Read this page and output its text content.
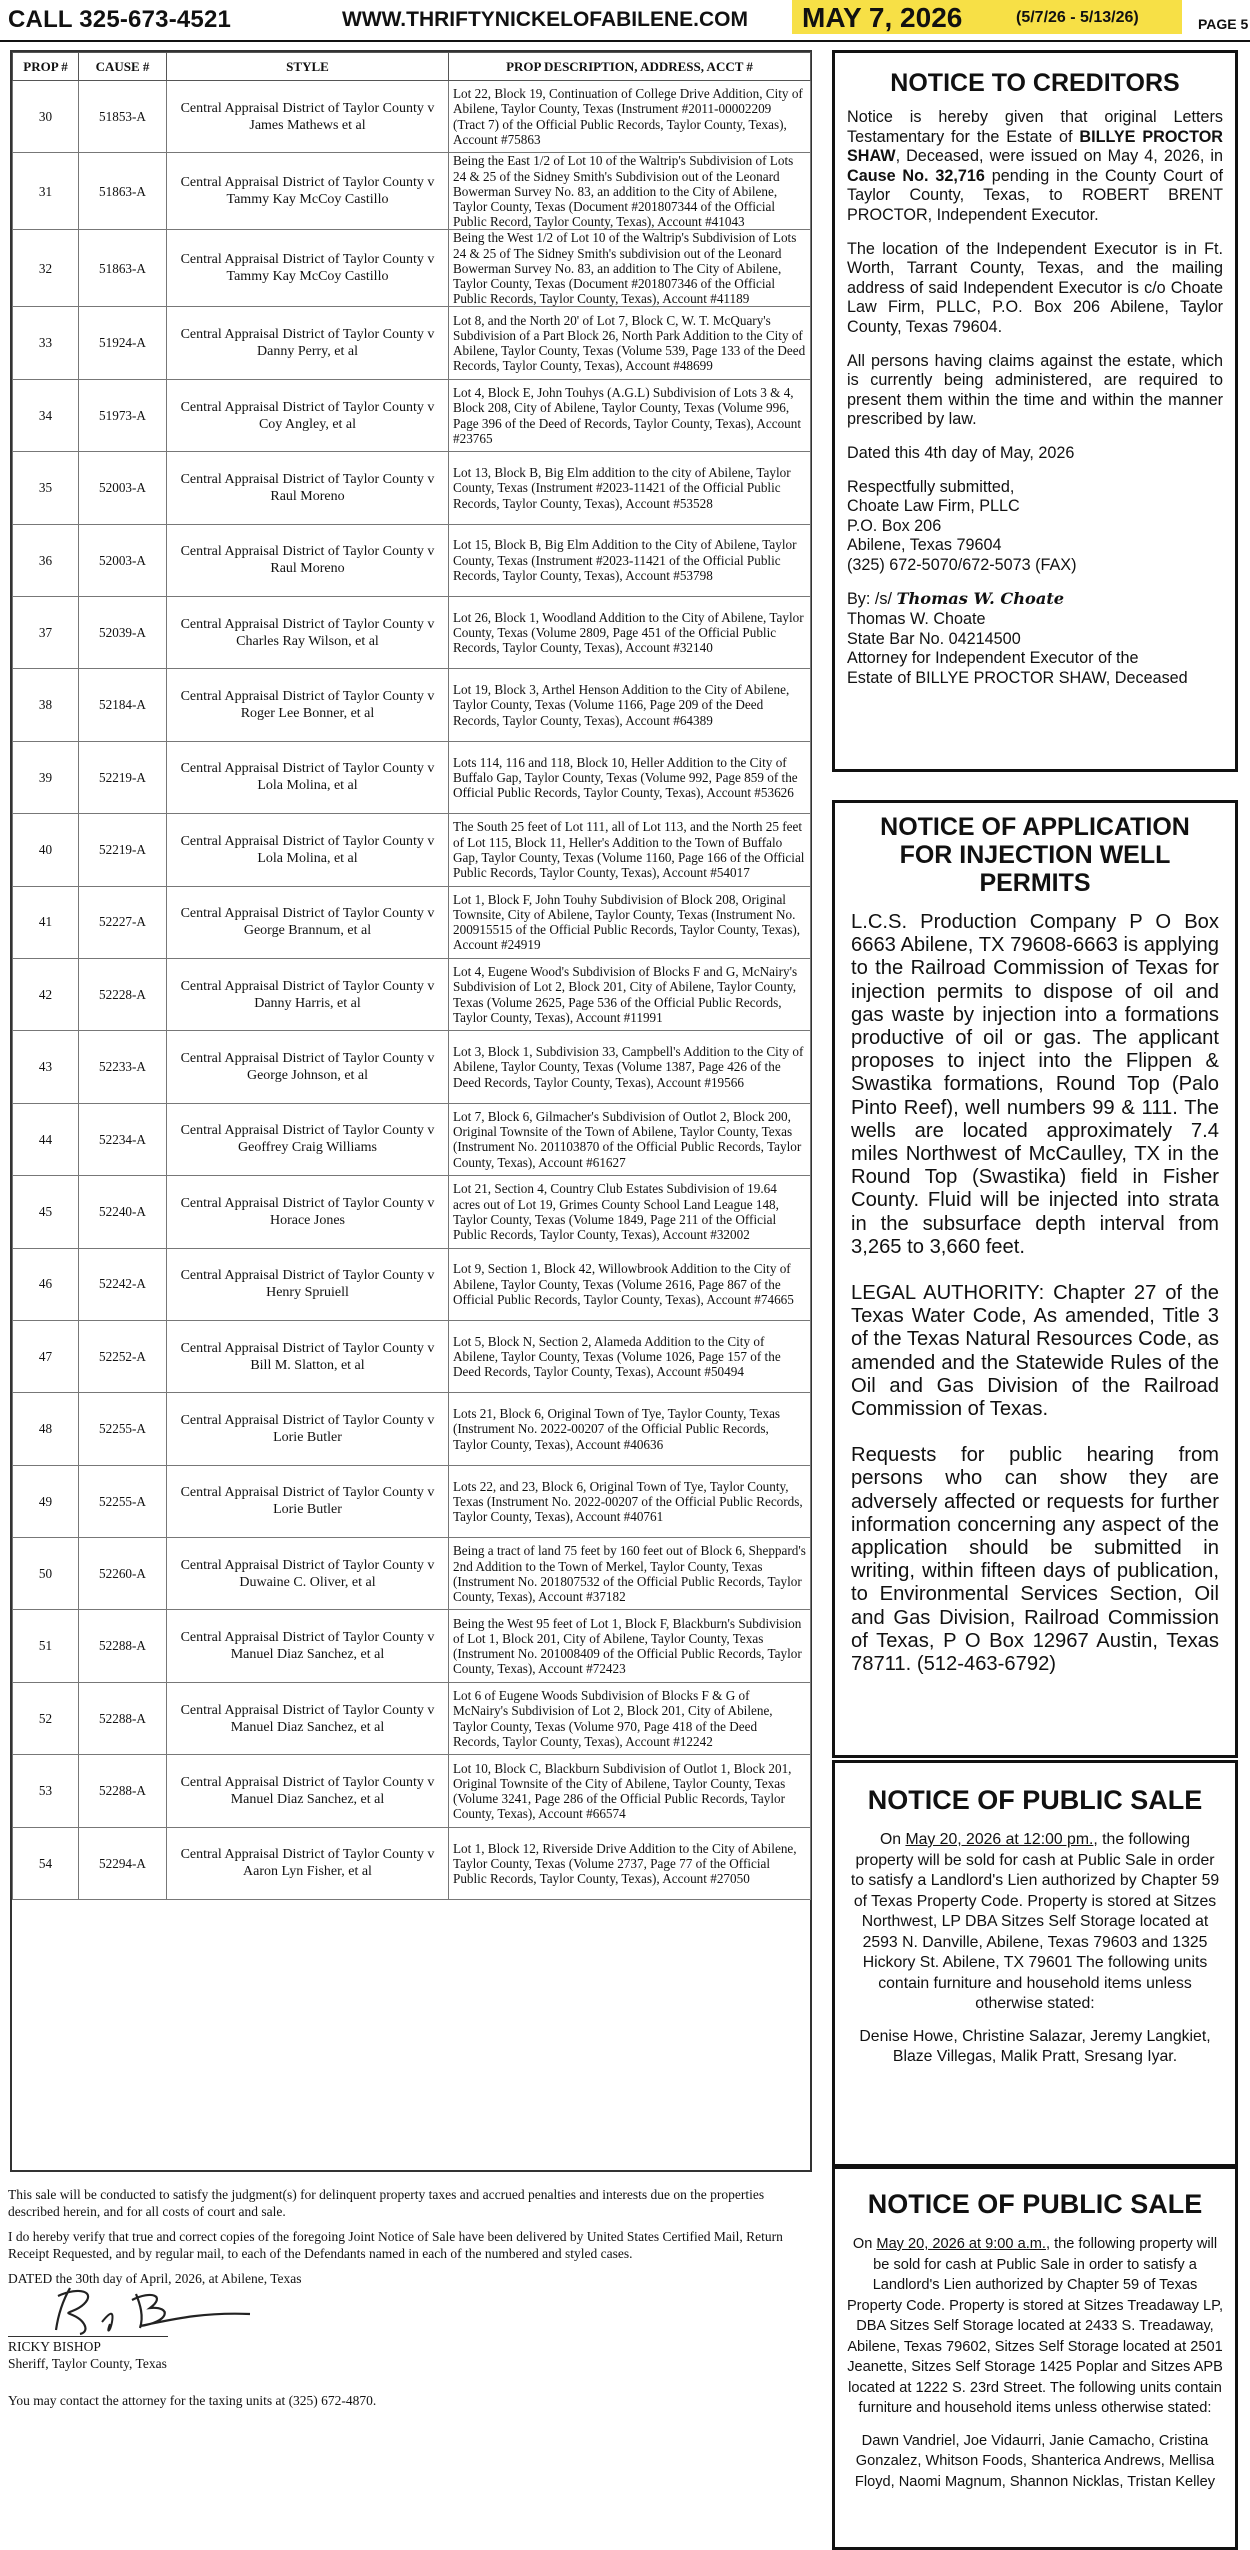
CALL 325-673-4521	WWW.THRIFTYNICKELOFABILENE.COM MAY 7, 2026	(5/7/26 - 5/13/26)	PAGE 5
PROP #	CAUSE #	STYLE	PROP DESCRIPTION, ADDRESS, ACCT #
30	51853-A	Central Appraisal District of Taylor County v James Mathews et al	Lot 22, Block 19, Continuation of College Drive Addition, City of Abilene, Taylor County, Texas (Instrument #2011-00002209 (Tract 7) of the Official Public Records, Taylor County, Texas), Account #75863
31	51863-A	Central Appraisal District of Taylor County v Tammy Kay McCoy Castillo	Being the East 1/2 of Lot 10 of the Waltrip's Subdivision of Lots 24 & 25 of the Sidney Smith's Subdivision out of the Leonard Bowerman Survey No. 83, an addition to the City of Abilene, Taylor County, Texas (Document #201807344 of the Official Public Record, Taylor County, Texas), Account #41043
32	51863-A	Central Appraisal District of Taylor County v Tammy Kay McCoy Castillo	Being the West 1/2 of Lot 10 of the Waltrip's Subdivision of Lots 24 & 25 of The Sidney Smith's subdivision out of the Leonard Bowerman Survey No. 83, an addition to The City of Abilene, Taylor County, Texas (Document #201807346 of the Official Public Records, Taylor County, Texas), Account #41189
33	51924-A	Central Appraisal District of Taylor County v Danny Perry, et al	Lot 8, and the North 20' of Lot 7, Block C, W. T. McQuary's Subdivision of a Part Block 26, North Park Addition to the City of Abilene, Taylor County, Texas (Volume 539, Page 133 of the Deed Records, Taylor County, Texas), Account #48699
34	51973-A	Central Appraisal District of Taylor County v Coy Angley, et al	Lot 4, Block E, John Touhys (A.G.L) Subdivision of Lots 3 & 4, Block 208, City of Abilene, Taylor County, Texas (Volume 996, Page 396 of the Deed of Records, Taylor County, Texas), Account #23765
35	52003-A	Central Appraisal District of Taylor County v Raul Moreno	Lot 13, Block B, Big Elm addition to the city of Abilene, Taylor County, Texas (Instrument #2023-11421 of the Official Public Records, Taylor County, Texas), Account #53528
36	52003-A	Central Appraisal District of Taylor County v Raul Moreno	Lot 15, Block B, Big Elm Addition to the City of Abilene, Taylor County, Texas (Instrument #2023-11421 of the Official Public Records, Taylor County, Texas), Account #53798
37	52039-A	Central Appraisal District of Taylor County v Charles Ray Wilson, et al	Lot 26, Block 1, Woodland Addition to the City of Abilene, Taylor County, Texas (Volume 2809, Page 451 of the Official Public Records, Taylor County, Texas), Account #32140
38	52184-A	Central Appraisal District of Taylor County v Roger Lee Bonner, et al	Lot 19, Block 3, Arthel Henson Addition to the City of Abilene, Taylor County, Texas (Volume 1166, Page 209 of the Deed Records, Taylor County, Texas), Account #64389
39	52219-A	Central Appraisal District of Taylor County v Lola Molina, et al	Lots 114, 116 and 118, Block 10, Heller Addition to the City of Buffalo Gap, Taylor County, Texas (Volume 992, Page 859 of the Official Public Records, Taylor County, Texas), Account #53626
40	52219-A	Central Appraisal District of Taylor County v Lola Molina, et al	The South 25 feet of Lot 111, all of Lot 113, and the North 25 feet of Lot 115, Block 11, Heller's Addition to the Town of Buffalo Gap, Taylor County, Texas (Volume 1160, Page 166 of the Official Public Records, Taylor County, Texas), Account #54017
41	52227-A	Central Appraisal District of Taylor County v George Brannum, et al	Lot 1, Block F, John Touhy Subdivision of Block 208, Original Townsite, City of Abilene, Taylor County, Texas (Instrument No. 200915515 of the Official Public Records, Taylor County, Texas), Account #24919
42	52228-A	Central Appraisal District of Taylor County v Danny Harris, et al	Lot 4, Eugene Wood's Subdivision of Blocks F and G, McNairy's Subdivision of Lot 2, Block 201, City of Abilene, Taylor County, Texas (Volume 2625, Page 536 of the Official Public Records, Taylor County, Texas), Account #11991
43	52233-A	Central Appraisal District of Taylor County v George Johnson, et al	Lot 3, Block 1, Subdivision 33, Campbell's Addition to the City of Abilene, Taylor County, Texas (Volume 1387, Page 426 of the Deed Records, Taylor County, Texas), Account #19566
44	52234-A	Central Appraisal District of Taylor County v Geoffrey Craig Williams	Lot 7, Block 6, Gilmacher's Subdivision of Outlot 2, Block 200, Original Townsite of the Town of Abilene, Taylor County, Texas (Instrument No. 201103870 of the Official Public Records, Taylor County, Texas), Account #61627
45	52240-A	Central Appraisal District of Taylor County v Horace Jones	Lot 21, Section 4, Country Club Estates Subdivision of 19.64 acres out of Lot 19, Grimes County School Land League 148, Taylor County, Texas (Volume 1849, Page 211 of the Official Public Records, Taylor County, Texas), Account #32002
46	52242-A	Central Appraisal District of Taylor County v Henry Spruiell	Lot 9, Section 1, Block 42, Willowbrook Addition to the City of Abilene, Taylor County, Texas (Volume 2616, Page 867 of the Official Public Records, Taylor County, Texas), Account #74665
47	52252-A	Central Appraisal District of Taylor County v Bill M. Slatton, et al	Lot 5, Block N, Section 2, Alameda Addition to the City of Abilene, Taylor County, Texas (Volume 1026, Page 157 of the Deed Records, Taylor County, Texas), Account #50494
48	52255-A	Central Appraisal District of Taylor County v Lorie Butler	Lots 21, Block 6, Original Town of Tye, Taylor County, Texas (Instrument No. 2022-00207 of the Official Public Records, Taylor County, Texas), Account #40636
49	52255-A	Central Appraisal District of Taylor County v Lorie Butler	Lots 22, and 23, Block 6, Original Town of Tye, Taylor County, Texas (Instrument No. 2022-00207 of the Official Public Records, Taylor County, Texas), Account #40761
50	52260-A	Central Appraisal District of Taylor County v Duwaine C. Oliver, et al	Being a tract of land 75 feet by 160 feet out of Block 6, Sheppard's 2nd Addition to the Town of Merkel, Taylor County, Texas (Instrument No. 201807532 of the Official Public Records, Taylor County, Texas), Account #37182
51	52288-A	Central Appraisal District of Taylor County v Manuel Diaz Sanchez, et al	Being the West 95 feet of Lot 1, Block F, Blackburn's Subdivision of Lot 1, Block 201, City of Abilene, Taylor County, Texas (Instrument No. 201008409 of the Official Public Records, Taylor County, Texas), Account #72423
52	52288-A	Central Appraisal District of Taylor County v Manuel Diaz Sanchez, et al	Lot 6 of Eugene Woods Subdivision of Blocks F & G of McNairy's Subdivision of Lot 2, Block 201, City of Abilene, Taylor County, Texas (Volume 970, Page 418 of the Deed Records, Taylor County, Texas), Account #12242
53	52288-A	Central Appraisal District of Taylor County v Manuel Diaz Sanchez, et al	Lot 10, Block C, Blackburn Subdivision of Outlot 1, Block 201, Original Townsite of the City of Abilene, Taylor County, Texas (Volume 3241, Page 286 of the Official Public Records, Taylor County, Texas), Account #66574
54	52294-A	Central Appraisal District of Taylor County v Aaron Lyn Fisher, et al	Lot 1, Block 12, Riverside Drive Addition to the City of Abilene, Taylor County, Texas (Volume 2737, Page 77 of the Official Public Records, Taylor County, Texas), Account #27050
This sale will be conducted to satisfy the judgment(s) for delinquent property taxes and accrued penalties and interests due on the properties described herein, and for all costs of court and sale.
I do hereby verify that true and correct copies of the foregoing Joint Notice of Sale have been delivered by United States Certified Mail, Return Receipt Requested, and by regular mail, to each of the Defendants named in each of the numbered and styled cases.
DATED the 30th day of April, 2026, at Abilene, Texas
RICKY BISHOP
Sheriff, Taylor County, Texas
You may contact the attorney for the taxing units at (325) 672-4870.
NOTICE TO CREDITORS

Notice is hereby given that original Letters Testamentary for the Estate of BILLYE PROCTOR SHAW, Deceased, were issued on May 4, 2026, in Cause No. 32,716 pending in the County Court of Taylor County, Texas, to ROBERT BRENT PROCTOR, Independent Executor.

The location of the Independent Executor is in Ft. Worth, Tarrant County, Texas, and the mailing address of said Independent Executor is c/o Choate Law Firm, PLLC, P.O. Box 206 Abilene, Taylor County, Texas 79604.

All persons having claims against the estate, which is currently being administered, are required to present them within the time and within the manner prescribed by law.

Dated this 4th day of May, 2026

Respectfully submitted,
Choate Law Firm, PLLC
P.O. Box 206
Abilene, Texas 79604
(325) 672-5070/672-5073 (FAX)
By: /s/ Thomas W. Choate
Thomas W. Choate
State Bar No. 04214500
Attorney for Independent Executor of the
Estate of BILLYE PROCTOR SHAW, Deceased
NOTICE OF APPLICATION
FOR INJECTION WELL PERMITS

L.C.S. Production Company P O Box 6663 Abilene, TX 79608-6663 is applying to the Railroad Commission of Texas for injection permits to dispose of oil and gas waste by injection into a formations productive of oil or gas. The applicant proposes to inject into the Flippen & Swastika formations, Round Top (Palo Pinto Reef), well numbers 99 & 111. The wells are located approximately 7.4 miles Northwest of McCaulley, TX in the Round Top (Swastika) field in Fisher County. Fluid will be injected into strata in the subsurface depth interval from 3,265 to 3,660 feet.

LEGAL AUTHORITY: Chapter 27 of the Texas Water Code, As amended, Title 3 of the Texas Natural Resources Code, as amended and the Statewide Rules of the Oil and Gas Division of the Railroad Commission of Texas.

Requests for public hearing from persons who can show they are adversely affected or requests for further information concerning any aspect of the application should be submitted in writing, within fifteen days of publication, to Environmental Services Section, Oil and Gas Division, Railroad Commission of Texas, P O Box 12967 Austin, Texas 78711. (512-463-6792)

NOTICE OF PUBLIC SALE

On May 20, 2026 at 12:00 pm., the following property will be sold for cash at Public Sale in order to satisfy a Landlord's Lien authorized by Chapter 59 of Texas Property Code. Property is stored at Sitzes Northwest, LP DBA Sitzes Self Storage located at 2593 N. Danville, Abilene, Texas 79603 and 1325 Hickory St. Abilene, TX 79601 The following units contain furniture and household items unless otherwise stated:

Denise Howe, Christine Salazar, Jeremy Langkiet, Blaze Villegas, Malik Pratt, Sresang Iyar.

NOTICE OF PUBLIC SALE

On May 20, 2026 at 9:00 a.m., the following property will be sold for cash at Public Sale in order to satisfy a Landlord's Lien authorized by Chapter 59 of Texas Property Code. Property is stored at Sitzes Treadaway LP, DBA Sitzes Self Storage located at 2433 S. Treadaway, Abilene, Texas 79602, Sitzes Self Storage located at 2501 Jeanette, Sitzes Self Storage 1425 Poplar and Sitzes APB located at 1222 S. 23rd Street. The following units contain furniture and household items unless otherwise stated:

Dawn Vandriel, Joe Vidaurri, Janie Camacho, Cristina Gonzalez, Whitson Foods, Shanterica Andrews, Mellisa Floyd, Naomi Magnum, Shannon Nicklas, Tristan Kelley
